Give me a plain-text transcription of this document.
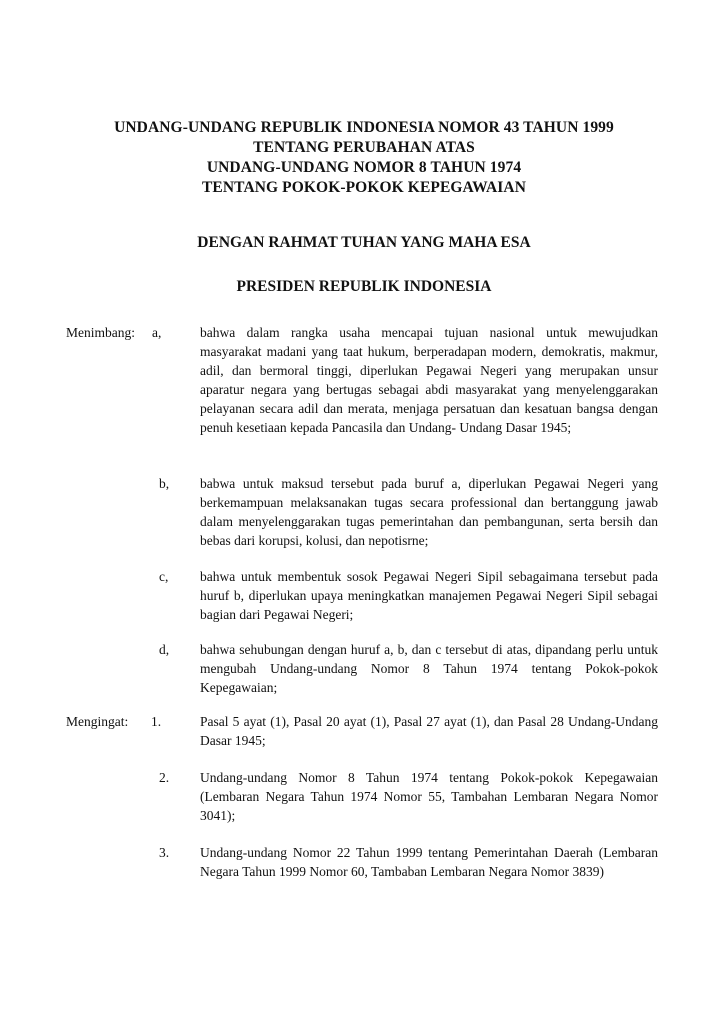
UNDANG-UNDANG REPUBLIK INDONESIA NOMOR 43 TAHUN 1999
TENTANG PERUBAHAN ATAS
UNDANG-UNDANG NOMOR 8 TAHUN 1974
TENTANG POKOK-POKOK KEPEGAWAIAN
DENGAN RAHMAT TUHAN YANG MAHA ESA
PRESIDEN REPUBLIK INDONESIA
Menimbang: a,	bahwa dalam rangka usaha mencapai tujuan nasional untuk mewujudkan masyarakat madani yang taat hukum, berperadapan modern, demokratis, makmur, adil, dan bermoral tinggi, diperlukan Pegawai Negeri yang merupakan unsur aparatur negara yang bertugas sebagai abdi masyarakat yang menyelenggarakan pelayanan secara adil dan merata, menjaga persatuan dan kesatuan bangsa dengan penuh kesetiaan kepada Pancasila dan Undang- Undang Dasar 1945;
b, babwa untuk maksud tersebut pada buruf a, diperlukan Pegawai Negeri yang berkemampuan melaksanakan tugas secara professional dan bertanggung jawab dalam menyelenggarakan tugas pemerintahan dan pembangunan, serta bersih dan bebas dari korupsi, kolusi, dan nepotisrne;
c, bahwa untuk membentuk sosok Pegawai Negeri Sipil sebagaimana tersebut pada huruf b, diperlukan upaya meningkatkan manajemen Pegawai Negeri Sipil sebagai bagian dari Pegawai Negeri;
d, bahwa sehubungan dengan huruf a, b, dan c tersebut di atas, dipandang perlu untuk mengubah Undang-undang Nomor 8 Tahun 1974 tentang Pokok-pokok Kepegawaian;
Mengingat: 1.	Pasal 5 ayat (1), Pasal 20 ayat (1), Pasal 27 ayat (1), dan Pasal 28 Undang-Undang Dasar 1945;
2. Undang-undang Nomor 8 Tahun 1974 tentang Pokok-pokok Kepegawaian (Lembaran Negara Tahun 1974 Nomor 55, Tambahan Lembaran Negara Nomor 3041);
3. Undang-undang Nomor 22 Tahun 1999 tentang Pemerintahan Daerah (Lembaran Negara Tahun 1999 Nomor 60, Tambaban Lembaran Negara Nomor 3839)
